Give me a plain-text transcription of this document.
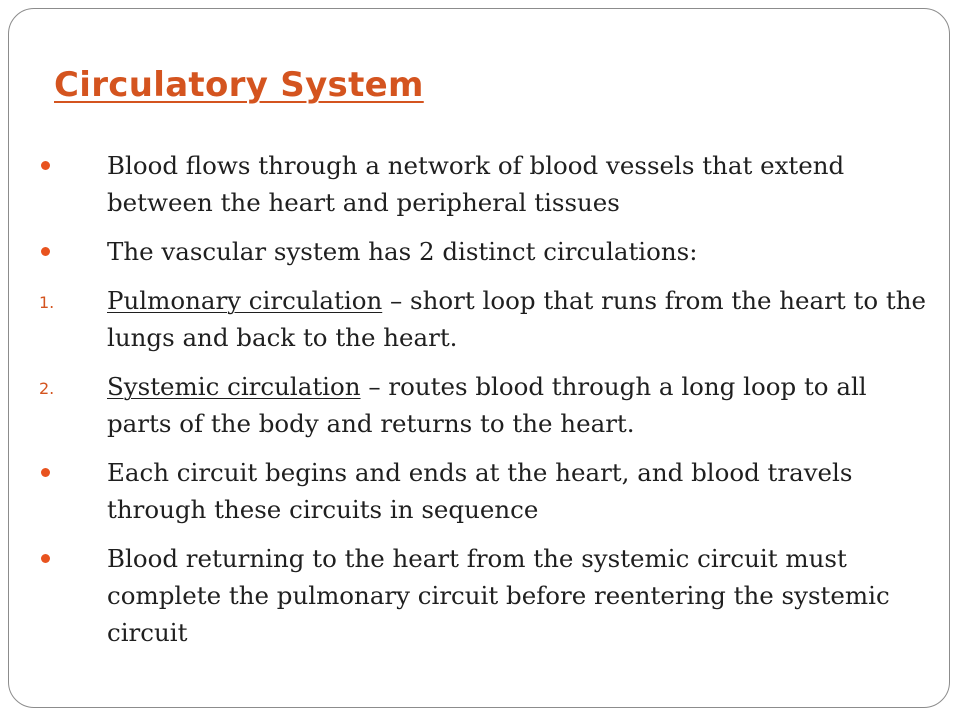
Circulatory System
Blood flows through a network of blood vessels that extend between the heart and peripheral tissues
The vascular system has 2 distinct circulations:
1. Pulmonary circulation – short loop that runs from the heart to the lungs and back to the heart.
2. Systemic circulation – routes blood through a long loop to all parts of the body and returns to the heart.
Each circuit begins and ends at the heart, and blood travels through these circuits in sequence
Blood returning to the heart from the systemic circuit must complete the pulmonary circuit before reentering the systemic circuit
